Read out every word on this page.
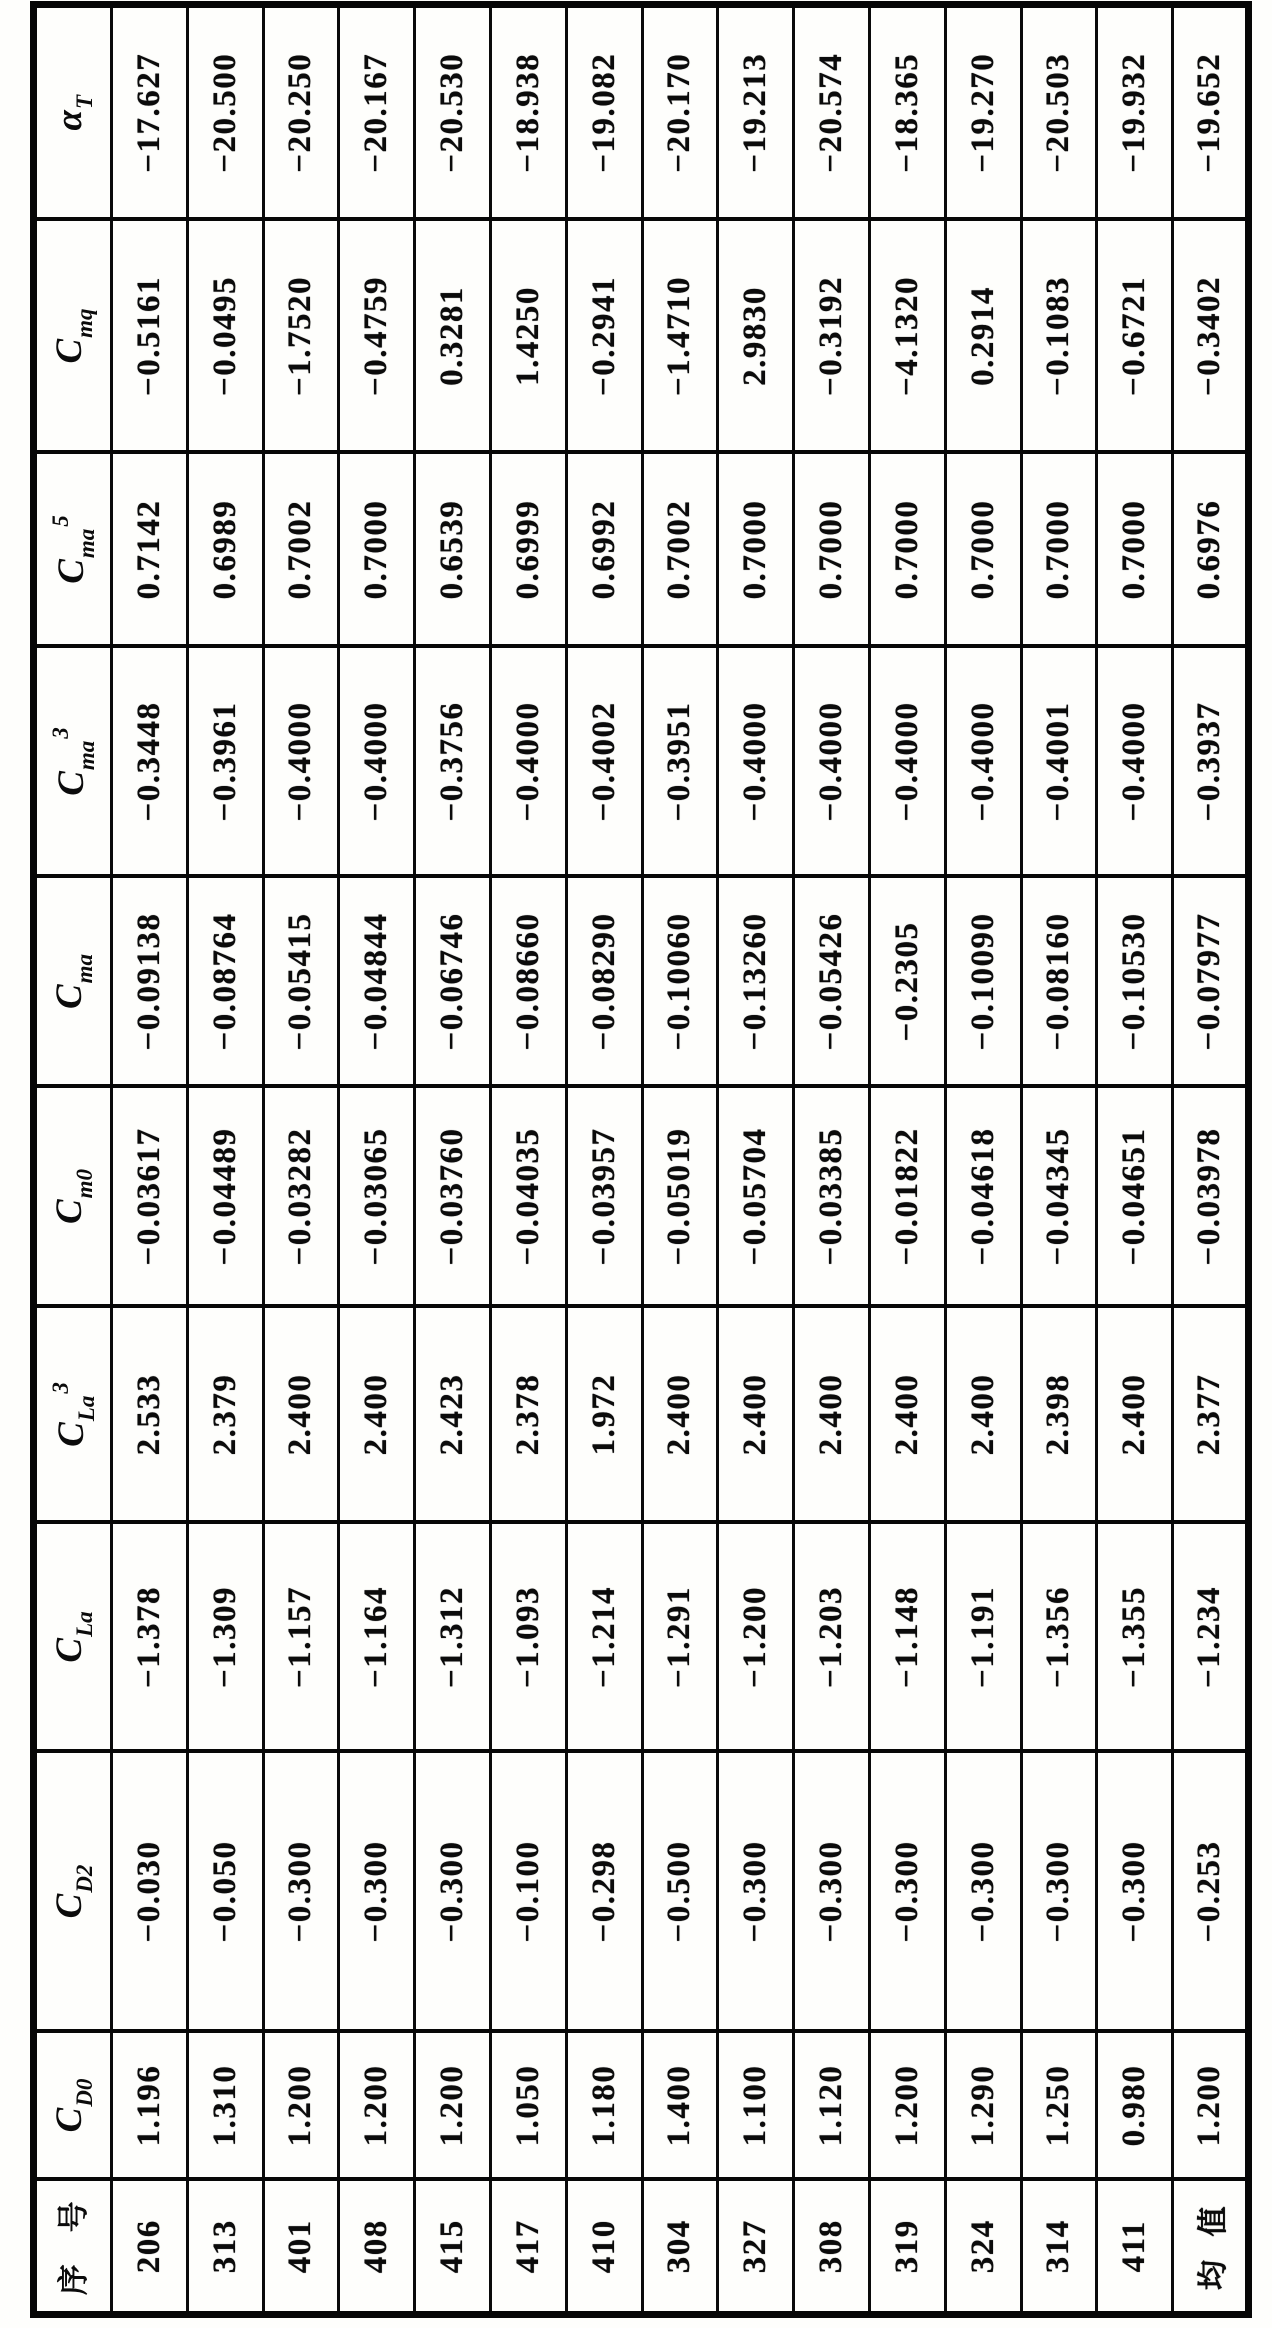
序 号	$C_{D0}$	$C_{D2}$	$C_{La}$	$C_{La}^3$	$C_{m0}$	$C_{ma}$	$C_{ma}^3$	$C_{ma}^5$	$C_{mq}$	$\alpha_T$
206	1.196	−0.030	−1.378	2.533	−0.03617	−0.09138	−0.3448	0.7142	−0.5161	−17.627
313	1.310	−0.050	−1.309	2.379	−0.04489	−0.08764	−0.3961	0.6989	−0.0495	−20.500
401	1.200	−0.300	−1.157	2.400	−0.03282	−0.05415	−0.4000	0.7002	−1.7520	−20.250
408	1.200	−0.300	−1.164	2.400	−0.03065	−0.04844	−0.4000	0.7000	−0.4759	−20.167
415	1.200	−0.300	−1.312	2.423	−0.03760	−0.06746	−0.3756	0.6539	0.3281	−20.530
417	1.050	−0.100	−1.093	2.378	−0.04035	−0.08660	−0.4000	0.6999	1.4250	−18.938
410	1.180	−0.298	−1.214	1.972	−0.03957	−0.08290	−0.4002	0.6992	−0.2941	−19.082
304	1.400	−0.500	−1.291	2.400	−0.05019	−0.10060	−0.3951	0.7002	−1.4710	−20.170
327	1.100	−0.300	−1.200	2.400	−0.05704	−0.13260	−0.4000	0.7000	2.9830	−19.213
308	1.120	−0.300	−1.203	2.400	−0.03385	−0.05426	−0.4000	0.7000	−0.3192	−20.574
319	1.200	−0.300	−1.148	2.400	−0.01822	−0.2305	−0.4000	0.7000	−4.1320	−18.365
324	1.290	−0.300	−1.191	2.400	−0.04618	−0.10090	−0.4000	0.7000	0.2914	−19.270
314	1.250	−0.300	−1.356	2.398	−0.04345	−0.08160	−0.4001	0.7000	−0.1083	−20.503
411	0.980	−0.300	−1.355	2.400	−0.04651	−0.10530	−0.4000	0.7000	−0.6721	−19.932
均 值	1.200	−0.253	−1.234	2.377	−0.03978	−0.07977	−0.3937	0.6976	−0.3402	−19.652
